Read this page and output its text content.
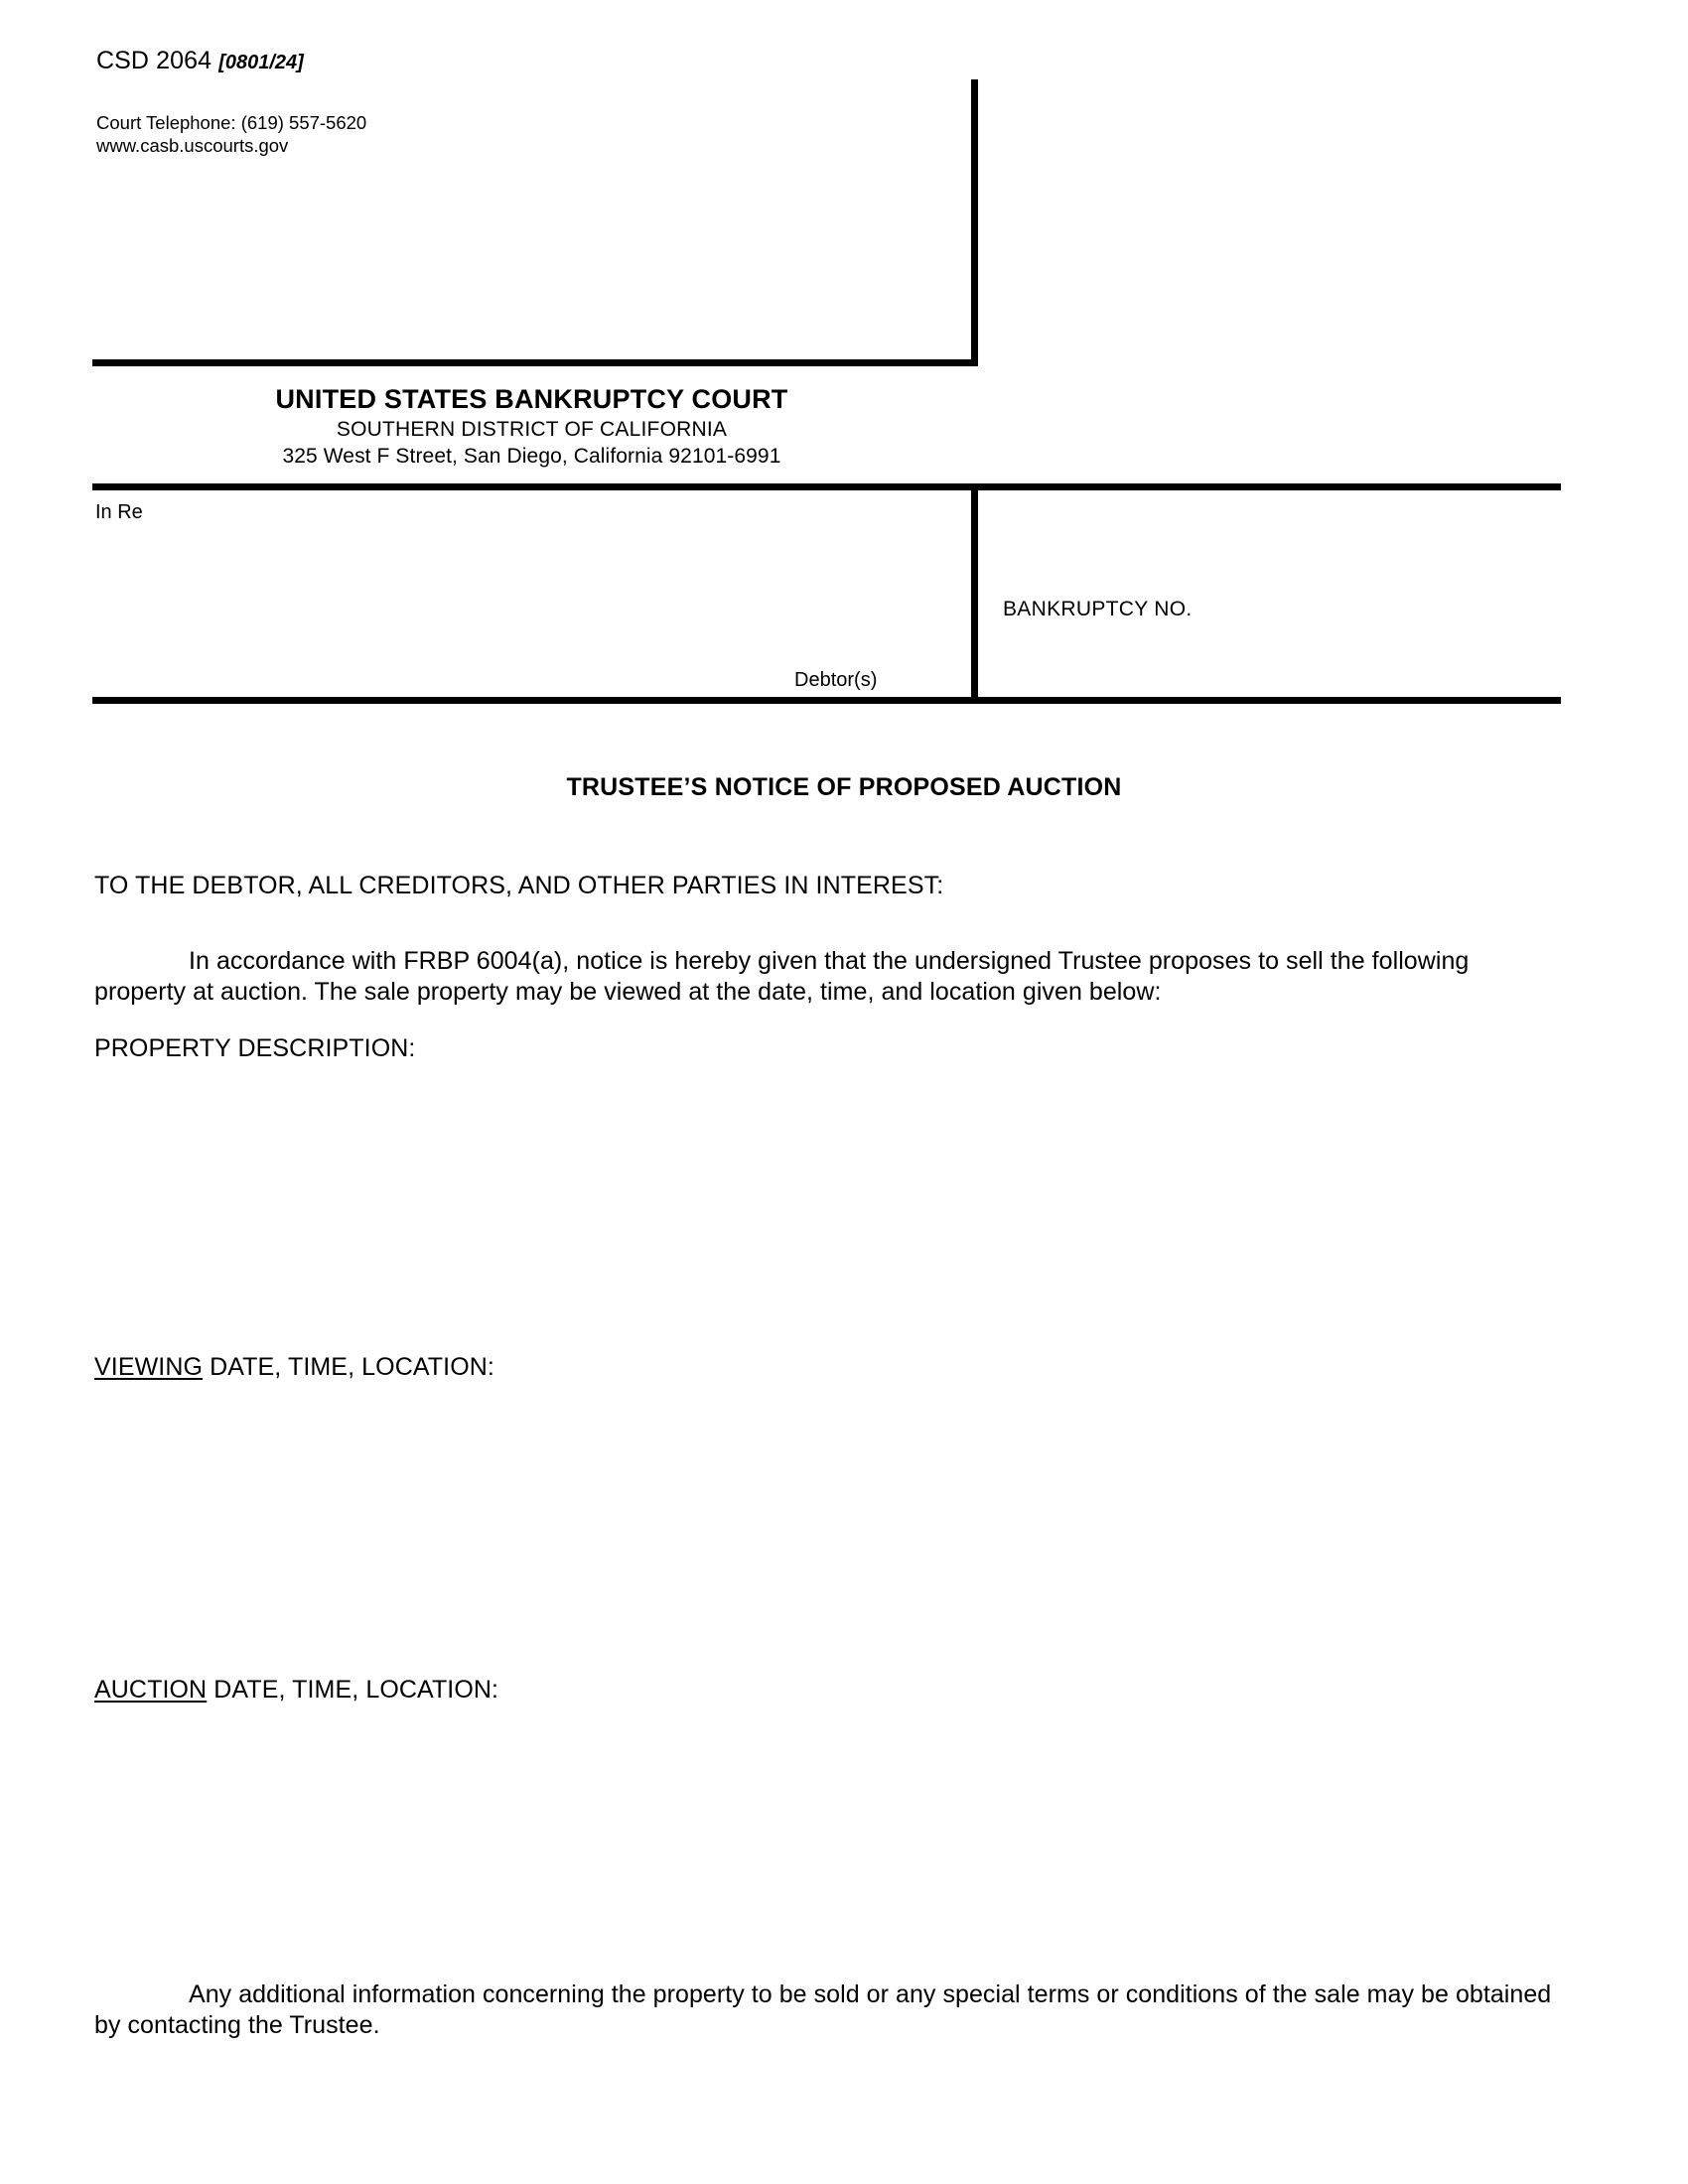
CSD 2064 [0801/24]
Court Telephone: (619) 557-5620
www.casb.uscourts.gov
UNITED STATES BANKRUPTCY COURT
SOUTHERN DISTRICT OF CALIFORNIA
325 West F Street, San Diego, California 92101-6991
In Re
Debtor(s)
BANKRUPTCY NO.
TRUSTEE’S NOTICE OF PROPOSED AUCTION
TO THE DEBTOR, ALL CREDITORS, AND OTHER PARTIES IN INTEREST:
In accordance with FRBP 6004(a), notice is hereby given that the undersigned Trustee proposes to sell the following property at auction. The sale property may be viewed at the date, time, and location given below:
PROPERTY DESCRIPTION:
VIEWING DATE, TIME, LOCATION:
AUCTION DATE, TIME, LOCATION:
Any additional information concerning the property to be sold or any special terms or conditions of the sale may be obtained by contacting the Trustee.
